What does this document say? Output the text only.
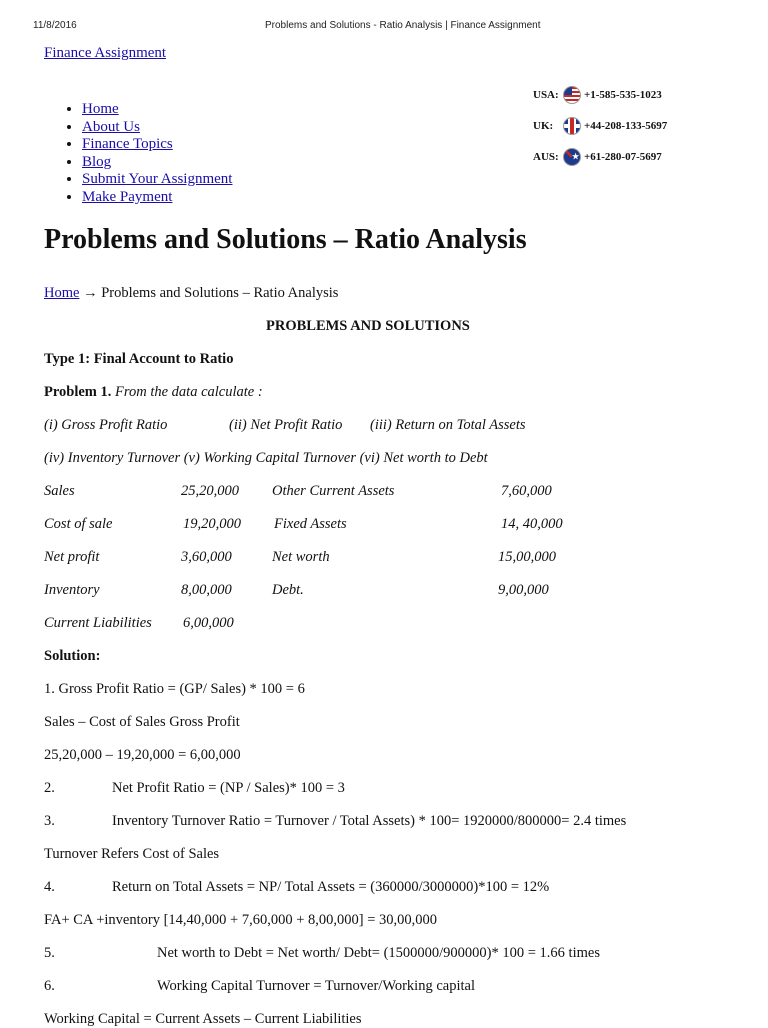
11/8/2016	Problems and Solutions - Ratio Analysis | Finance Assignment
Finance Assignment
• Home
• About Us
• Finance Topics
• Blog
• Submit Your Assignment
• Make Payment
USA:	+1-585-535-1023
UK:	+44-208-133-5697
AUS:
★	+61-280-07-5697
Problems and Solutions – Ratio Analysis
Home → Problems and Solutions – Ratio Analysis
PROBLEMS AND SOLUTIONS
Type 1: Final Account to Ratio
Problem 1. From the data calculate :
(i) Gross Profit Ratio	(ii) Net Profit Ratio (iii) Return on Total Assets
(iv) Inventory Turnover (v) Working Capital Turnover (vi) Net worth to Debt
Sales	25,20,000 Other Current Assets	7,60,000
Cost of sale	19,20,000 Fixed Assets	14, 40,000
Net profit	3,60,000	Net worth	15,00,000
Inventory	8,00,000	Debt.	9,00,000
Current Liabilities 6,00,000
Solution:
1. Gross Profit Ratio = (GP/ Sales) * 100 = 6
Sales – Cost of Sales Gross Profit
25,20,000 – 19,20,000 = 6,00,000
2.	Net Profit Ratio = (NP / Sales)* 100 = 3
3.	Inventory Turnover Ratio = Turnover / Total Assets) * 100= 1920000/800000= 2.4 times
Turnover Refers Cost of Sales
4.	Return on Total Assets = NP/ Total Assets = (360000/3000000)*100 = 12%
FA+ CA +inventory [14,40,000 + 7,60,000 + 8,00,000] = 30,00,000
5.	Net worth to Debt = Net worth/ Debt= (1500000/900000)* 100 = 1.66 times
6.	Working Capital Turnover = Turnover/Working capital
Working Capital = Current Assets – Current Liabilities
